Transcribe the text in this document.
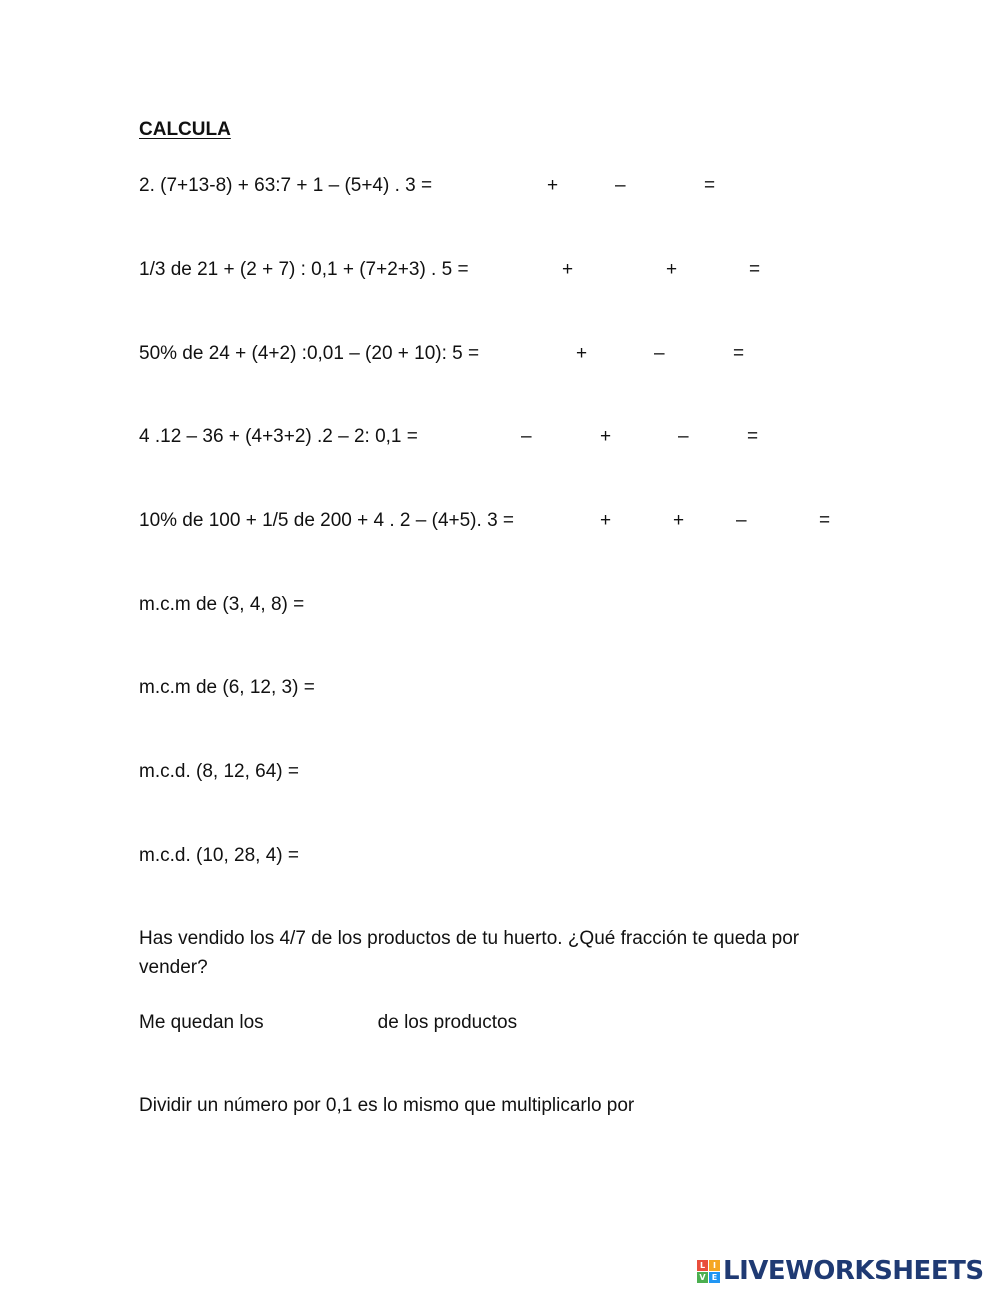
CALCULA
2. (7+13-8) + 63:7 + 1 – (5+4) . 3 =	+	–	=
1/3 de 21 + (2 + 7) : 0,1 + (7+2+3) . 5 =	+	+	=
50% de 24 + (4+2) :0,01 – (20 + 10): 5 =	+	–	=
4 .12 – 36 + (4+3+2) .2 – 2: 0,1 =	–	+	–	=
10% de 100 + 1/5 de 200 + 4 . 2 – (4+5). 3 =	+	+	–	=
m.c.m de (3, 4, 8) =
m.c.m de (6, 12, 3) =
m.c.d. (8, 12, 64) =
m.c.d. (10, 28, 4) =
Has vendido los 4/7 de los productos de tu huerto. ¿Qué fracción te queda por vender?
Me quedan los	de los productos
Dividir un número por 0,1 es lo mismo que multiplicarlo por
L I
V E LIVEWORKSHEETS
